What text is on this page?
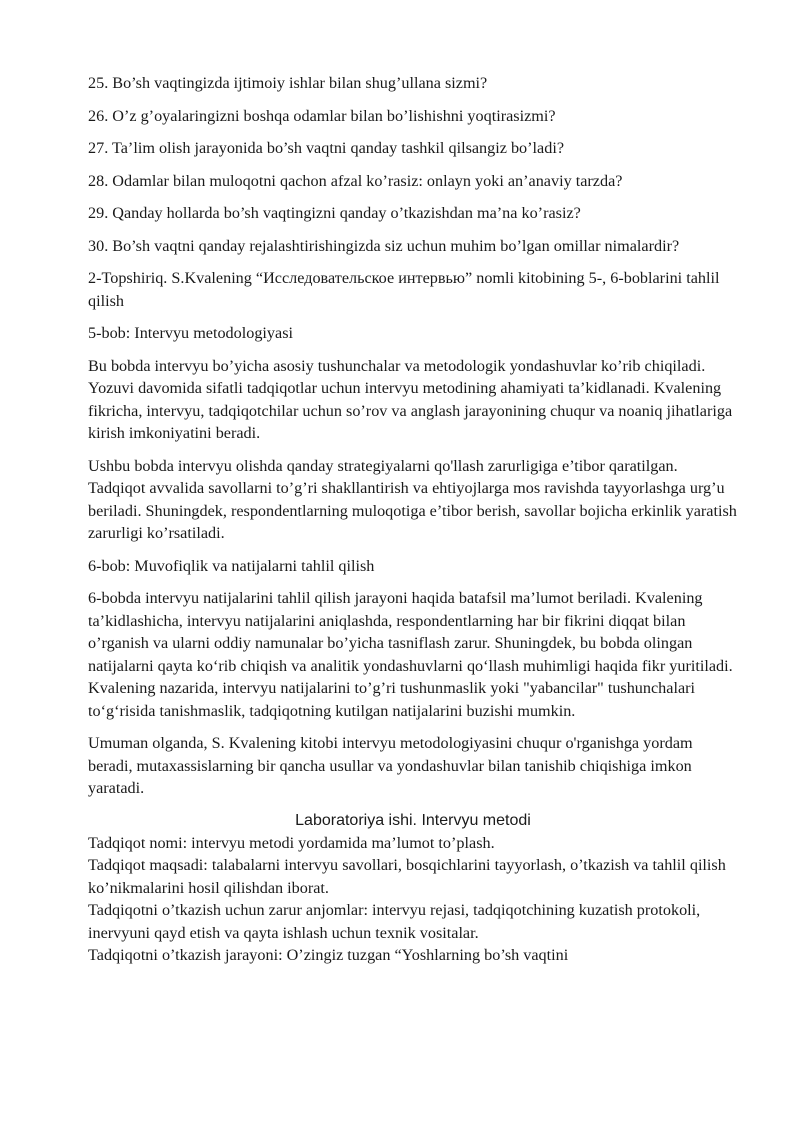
25. Bo’sh vaqtingizda ijtimoiy ishlar bilan shug’ullana sizmi?

26. O’z g’oyalaringizni boshqa odamlar bilan bo’lishishni yoqtirasizmi?

27. Ta’lim olish jarayonida bo’sh vaqtni qanday tashkil qilsangiz bo’ladi?

28. Odamlar bilan muloqotni qachon afzal ko’rasiz: onlayn yoki an’anaviy tarzda?

29. Qanday hollarda bo’sh vaqtingizni qanday o’tkazishdan ma’na ko’rasiz?

30. Bo’sh vaqtni qanday rejalashtirishingizda siz uchun muhim bo’lgan omillar nimalardir?

2-Topshiriq. S.Kvalening “Исследовательское интервью” nomli kitobining 5-, 6-boblarini tahlil qilish

5-bob: Intervyu metodologiyasi

Bu bobda intervyu bo’yicha asosiy tushunchalar va metodologik yondashuvlar ko’rib chiqiladi. Yozuvi davomida sifatli tadqiqotlar uchun intervyu metodining ahamiyati ta’kidlanadi. Kvalening fikricha, intervyu, tadqiqotchilar uchun so’rov va anglash jarayonining chuqur va noaniq jihatlariga kirish imkoniyatini beradi.

Ushbu bobda intervyu olishda qanday strategiyalarni qo'llash zarurligiga e’tibor qaratilgan. Tadqiqot avvalida savollarni to’g’ri shakllantirish va ehtiyojlarga mos ravishda tayyorlashga urg’u beriladi. Shuningdek, respondentlarning muloqotiga e’tibor berish, savollar bojicha erkinlik yaratish zarurligi ko’rsatiladi.

6-bob: Muvofiqlik va natijalarni tahlil qilish

6-bobda intervyu natijalarini tahlil qilish jarayoni haqida batafsil ma’lumot beriladi. Kvalening ta’kidlashicha, intervyu natijalarini aniqlashda, respondentlarning har bir fikrini diqqat bilan o’rganish va ularni oddiy namunalar bo’yicha tasniflash zarur. Shuningdek, bu bobda olingan natijalarni qayta ko‘rib chiqish va analitik yondashuvlarni qo‘llash muhimligi haqida fikr yuritiladi. Kvalening nazarida, intervyu natijalarini to’g’ri tushunmaslik yoki "yabancilar" tushunchalari to‘g‘risida tanishmaslik, tadqiqotning kutilgan natijalarini buzishi mumkin.

Umuman olganda, S. Kvalening kitobi intervyu metodologiyasini chuqur o'rganishga yordam beradi, mutaxassislarning bir qancha usullar va yondashuvlar bilan tanishib chiqishiga imkon yaratadi.

Laboratoriya ishi. Intervyu metodi

Tadqiqot nomi: intervyu metodi yordamida ma’lumot to’plash.

Tadqiqot maqsadi: talabalarni intervyu savollari, bosqichlarini tayyorlash, o’tkazish va tahlil qilish ko’nikmalarini hosil qilishdan iborat.

Tadqiqotni o’tkazish uchun zarur anjomlar: intervyu rejasi, tadqiqotchining kuzatish protokoli, inervyuni qayd etish va qayta ishlash uchun texnik vositalar.

Tadqiqotni o’tkazish jarayoni: O’zingiz tuzgan “Yoshlarning bo’sh vaqtini
